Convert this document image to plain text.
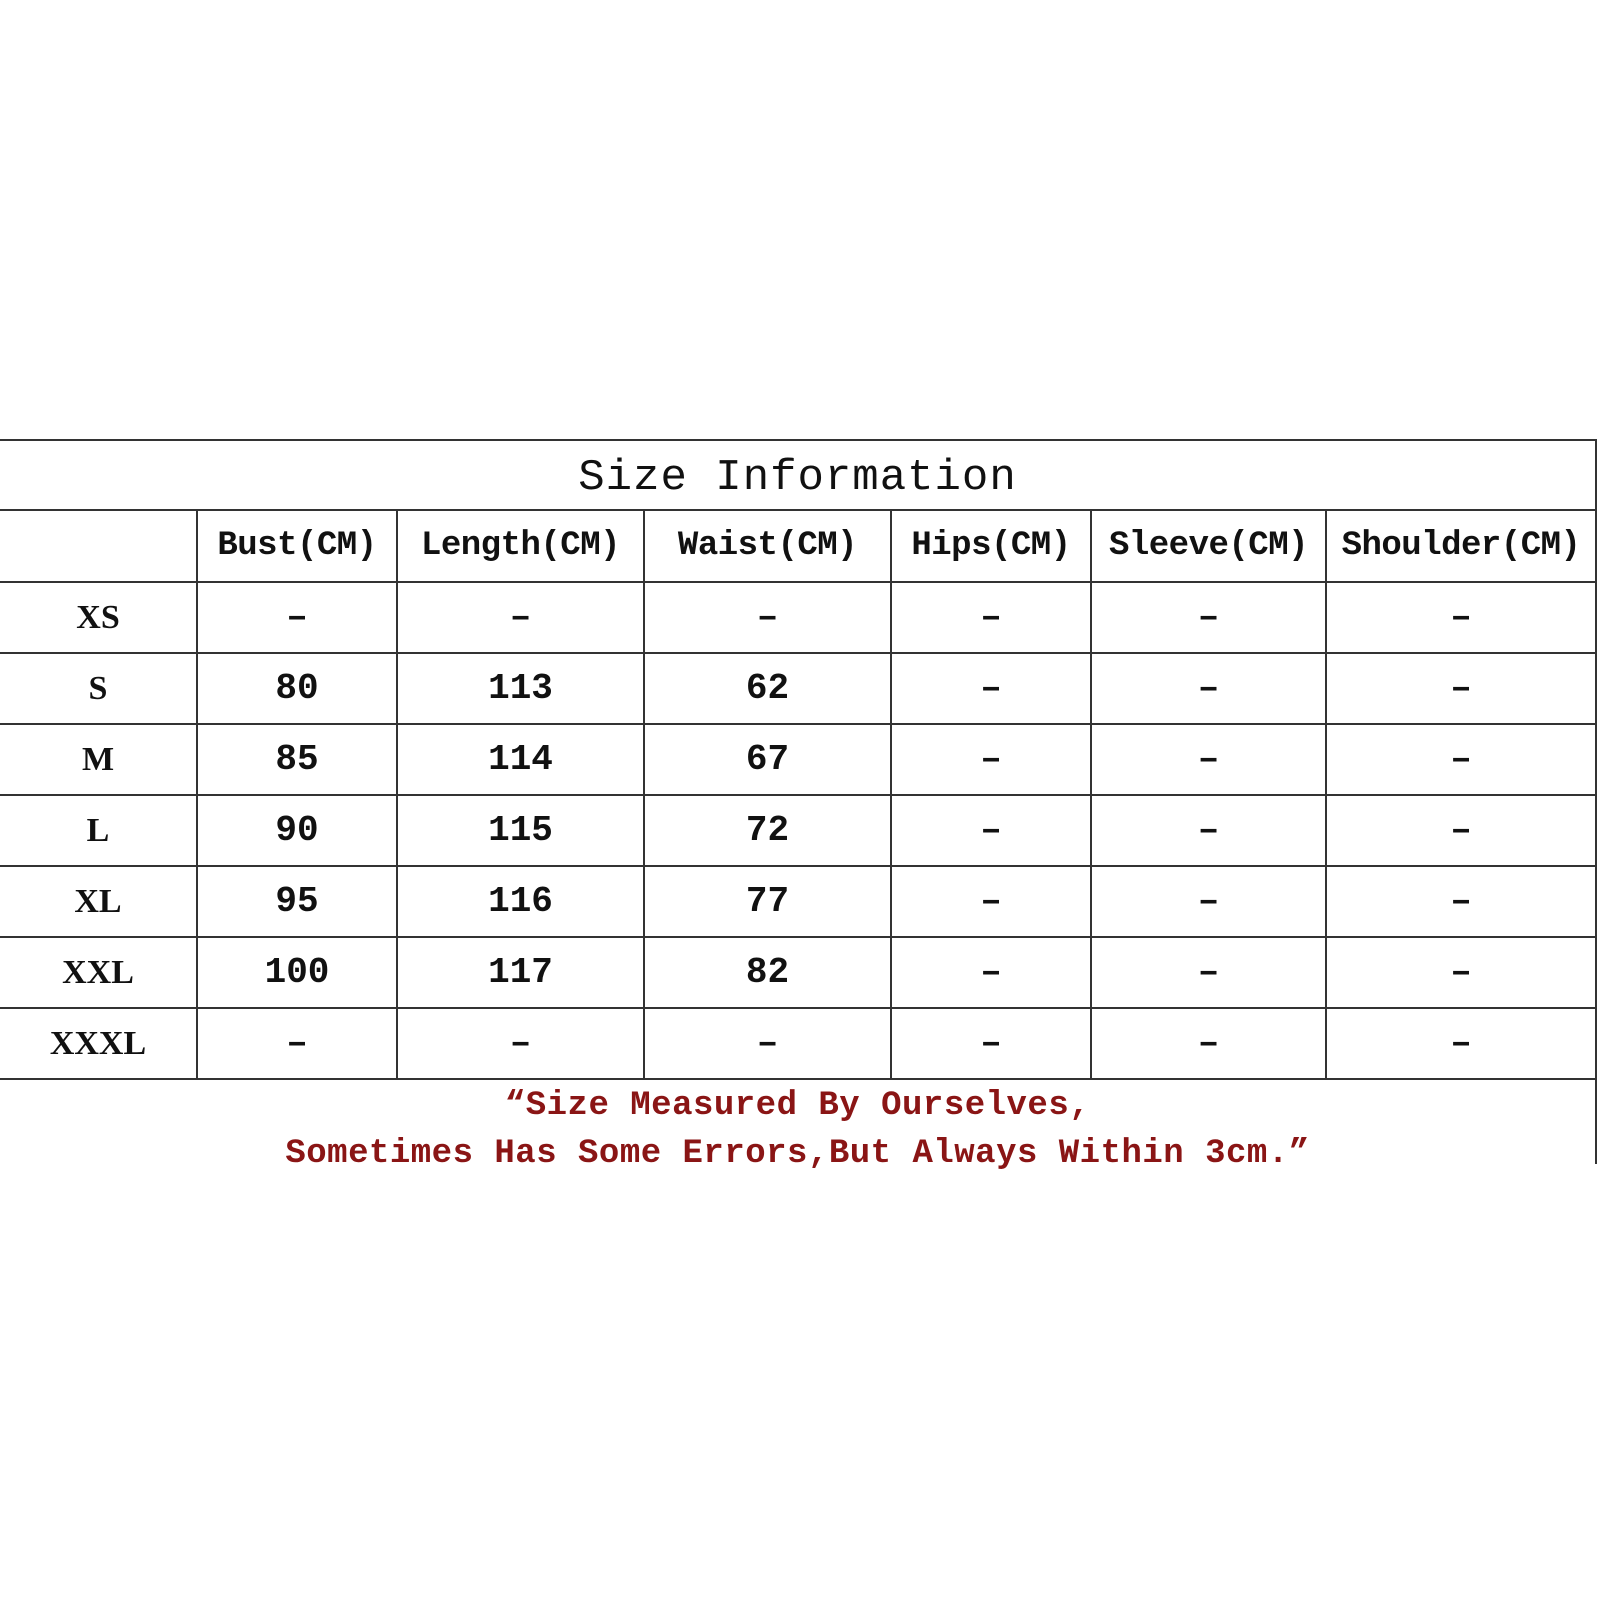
Size Information
	Bust(CM)	Length(CM)	Waist(CM)	Hips(CM)	Sleeve(CM)	Shoulder(CM)
XS	–	–	–	–	–	–
S	80	113	62	–	–	–
M	85	114	67	–	–	–
L	90	115	72	–	–	–
XL	95	116	77	–	–	–
XXL	100	117	82	–	–	–
XXXL	–	–	–	–	–	–
“Size Measured By Ourselves,
Sometimes Has Some Errors,But Always Within 3cm.”
